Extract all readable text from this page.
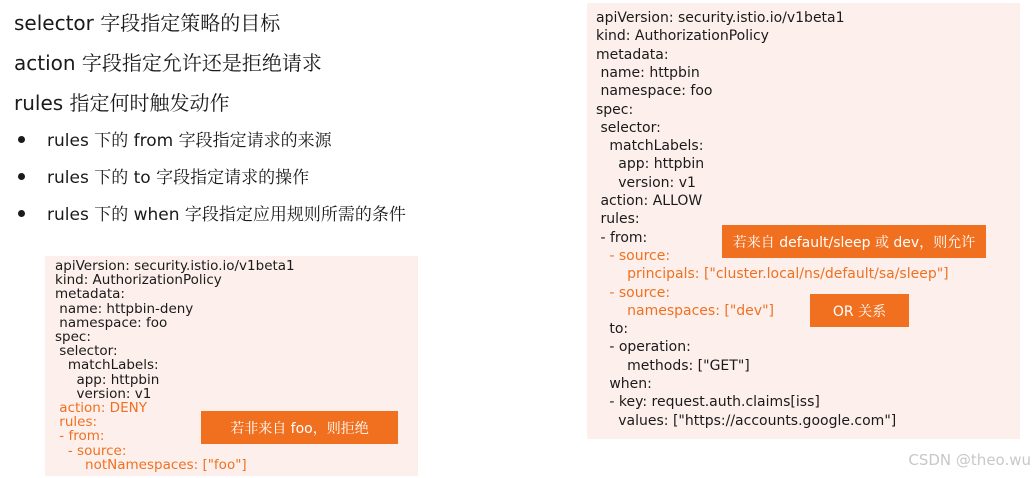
selector 字段指定策略的目标
action 字段指定允许还是拒绝请求
rules 指定何时触发动作
rules 下的 from 字段指定请求的来源
rules 下的 to 字段指定请求的操作
rules 下的 when 字段指定应用规则所需的条件
apiVersion: security.istio.io/v1beta1
kind: AuthorizationPolicy
metadata:
name: httpbin-deny
namespace: foo
spec:
selector:
matchLabels:
app: httpbin
version: v1
action: DENY
rules:
- from:
- source:
notNamespaces: ["foo"]
apiVersion: security.istio.io/v1beta1
kind: AuthorizationPolicy
metadata:
name: httpbin
namespace: foo
spec:
selector:
matchLabels:
app: httpbin
version: v1
action: ALLOW
rules:
- from:
- source:
principals: ["cluster.local/ns/default/sa/sleep"]
- source:
namespaces: ["dev"]
to:
- operation:
methods: ["GET"]
when:
- key: request.auth.claims[iss]
values: ["https://accounts.google.com"]
若非来自 foo，则拒绝
若来自 default/sleep 或 dev，则允许
OR 关系
CSDN @theo.wu
